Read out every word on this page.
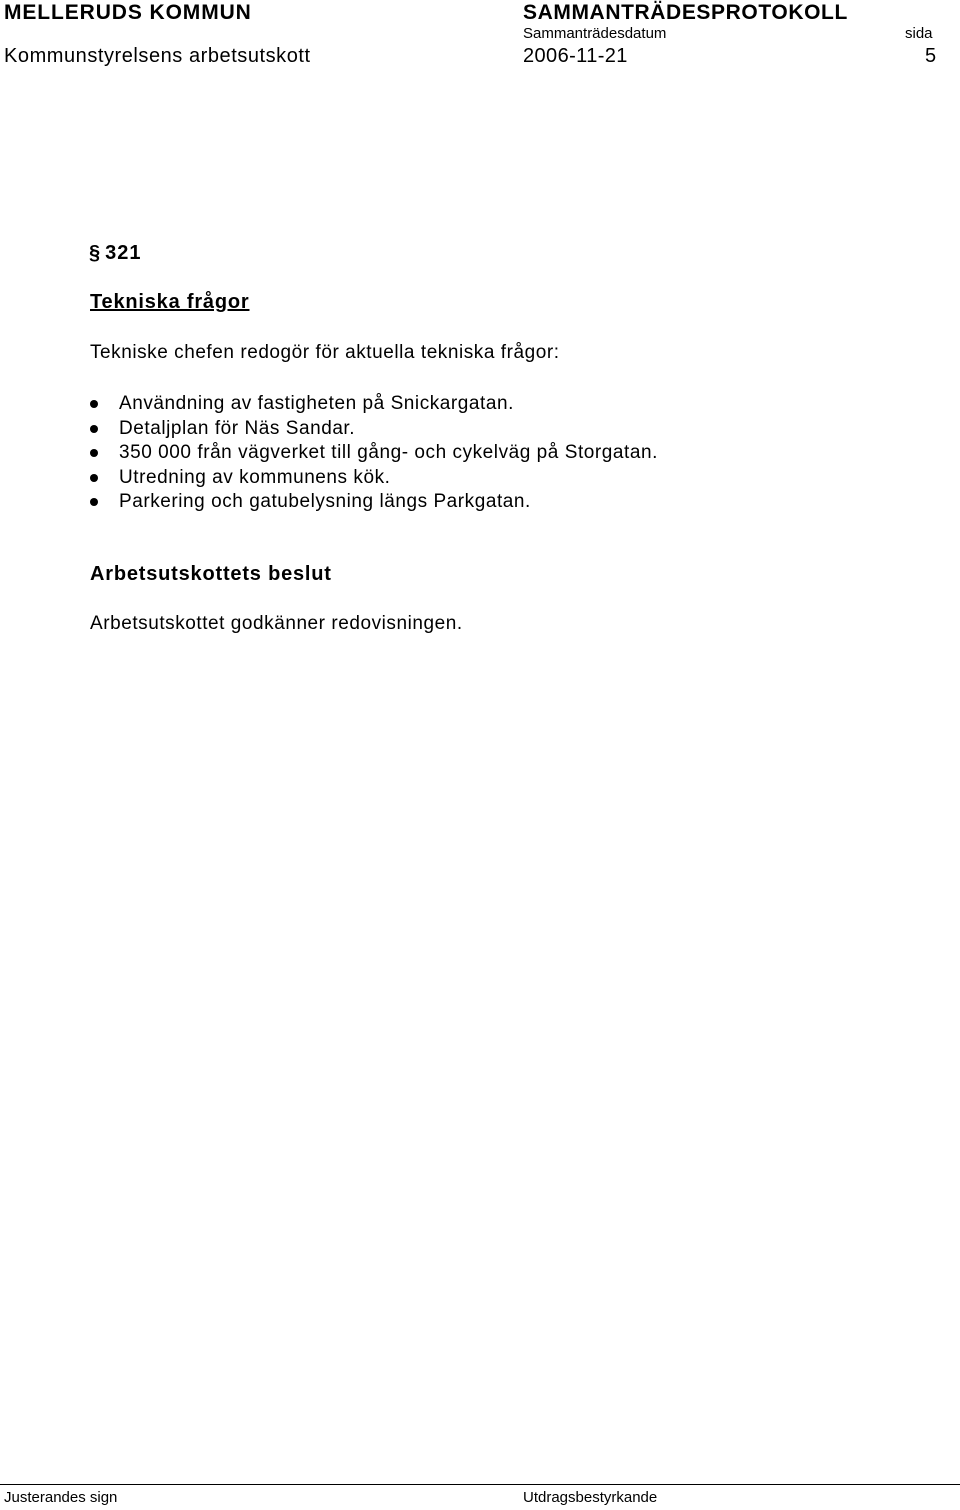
MELLERUDS KOMMUN	SAMMANTRÄDESPROTOKOLL
Sammanträdesdatum	sida
Kommunstyrelsens arbetsutskott	2006-11-21	5
§ 321
Tekniska frågor
Tekniske chefen redogör för aktuella tekniska frågor:
Användning av fastigheten på Snickargatan.
Detaljplan för Näs Sandar.
350 000 från vägverket till gång- och cykelväg på Storgatan.
Utredning av kommunens kök.
Parkering och gatubelysning längs Parkgatan.
Arbetsutskottets beslut
Arbetsutskottet godkänner redovisningen.
Justerandes sign	Utdragsbestyrkande
